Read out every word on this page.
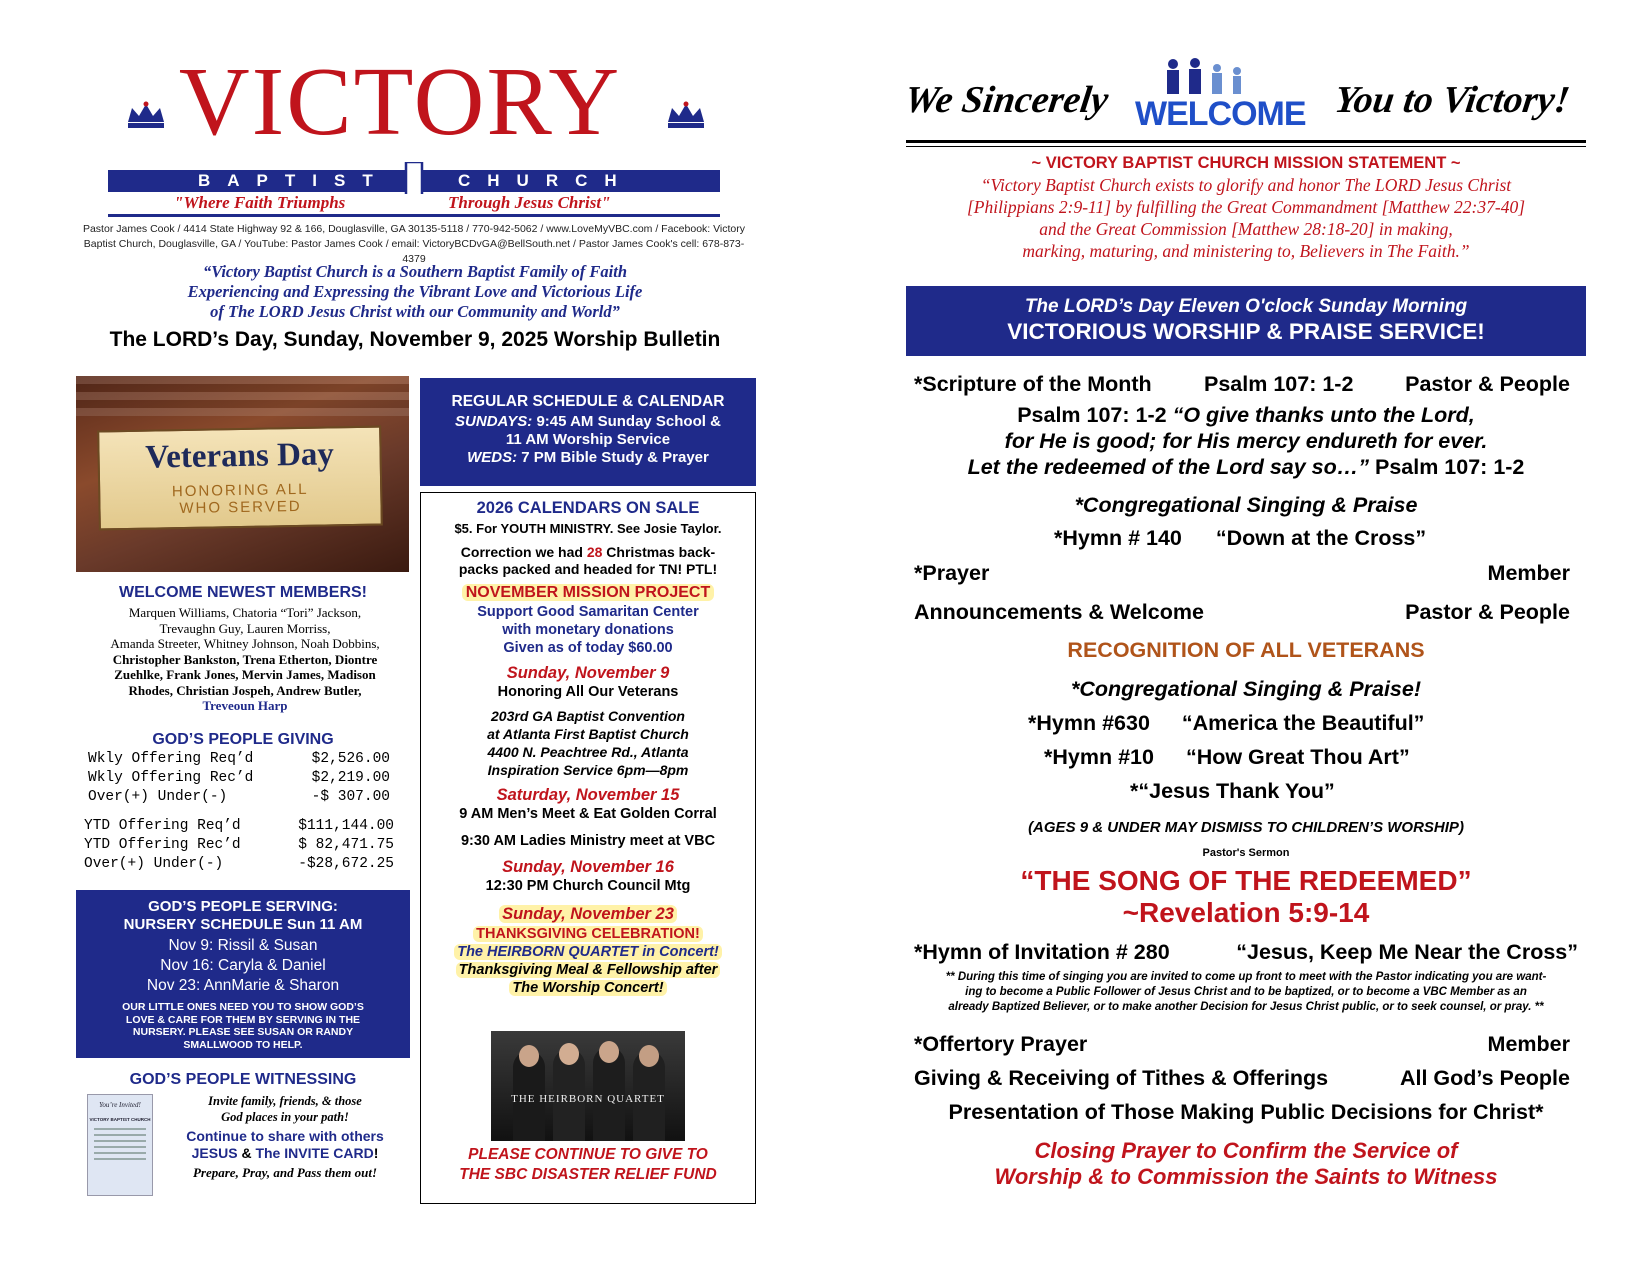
VICTORY
BAPTIST	CHURCH
"Where Faith Triumphs	Through Jesus Christ"
Pastor James Cook / 4414 State Highway 92 & 166, Douglasville, GA 30135-5118 / 770-942-5062 / www.LoveMyVBC.com / Facebook: Victory
Baptist Church, Douglasville, GA / YouTube: Pastor James Cook / email: VictoryBCDvGA@BellSouth.net / Pastor James Cook's cell: 678-873-4379
“Victory Baptist Church is a Southern Baptist Family of Faith
Experiencing and Expressing the Vibrant Love and Victorious Life
of The LORD Jesus Christ with our Community and World”
The LORD’s Day, Sunday, November 9, 2025 Worship Bulletin
Veterans Day
HONORING ALL
WHO SERVED
WELCOME NEWEST MEMBERS!
Marquen Williams, Chatoria “Tori” Jackson,
Trevaughn Guy, Lauren Morriss,
Amanda Streeter, Whitney Johnson, Noah Dobbins,
Christopher Bankston, Trena Etherton, Diontre
Zuehlke, Frank Jones, Mervin James, Madison
Rhodes, Christian Jospeh, Andrew Butler,
Treveoun Harp
GOD’S PEOPLE GIVING
Wkly Offering Req’d	$2,526.00
Wkly Offering Rec’d	$2,219.00
Over(+) Under(-)	-$ 307.00
YTD Offering Req’d	$111,144.00
YTD Offering Rec’d	$ 82,471.75
Over(+) Under(-)	-$28,672.25
GOD’S PEOPLE SERVING:
NURSERY SCHEDULE Sun 11 AM
Nov 9: Rissil & Susan
Nov 16: Caryla & Daniel
Nov 23: AnnMarie & Sharon
OUR LITTLE ONES NEED YOU TO SHOW GOD’S
LOVE & CARE FOR THEM BY SERVING IN THE
NURSERY. PLEASE SEE SUSAN OR RANDY
SMALLWOOD TO HELP.
GOD’S PEOPLE WITNESSING
You’re Invited!
VICTORY BAPTIST CHURCH
Invite family, friends, & those
God places in your path!
Continue to share with others
JESUS & The INVITE CARD!
Prepare, Pray, and Pass them out!
REGULAR SCHEDULE & CALENDAR
SUNDAYS: 9:45 AM Sunday School &
11 AM Worship Service
WEDS: 7 PM Bible Study & Prayer
2026 CALENDARS ON SALE
$5. For YOUTH MINISTRY. See Josie Taylor.
Correction we had 28 Christmas back-
packs packed and headed for TN! PTL!
NOVEMBER MISSION PROJECT
Support Good Samaritan Center
with monetary donations
Given as of today $60.00
Sunday, November 9
Honoring All Our Veterans
203rd GA Baptist Convention
at Atlanta First Baptist Church
4400 N. Peachtree Rd., Atlanta
Inspiration Service 6pm—8pm
Saturday, November 15
9 AM Men’s Meet & Eat Golden Corral
9:30 AM Ladies Ministry meet at VBC
Sunday, November 16
12:30 PM Church Council Mtg
Sunday, November 23
THANKSGIVING CELEBRATION!
The HEIRBORN QUARTET in Concert!
Thanksgiving Meal & Fellowship after
The Worship Concert!
THE HEIRBORN QUARTET
PLEASE CONTINUE TO GIVE TO
THE SBC DISASTER RELIEF FUND
We Sincerely WELCOME You to Victory!
~ VICTORY BAPTIST CHURCH MISSION STATEMENT ~
“Victory Baptist Church exists to glorify and honor The LORD Jesus Christ
[Philippians 2:9-11] by fulfilling the Great Commandment [Matthew 22:37-40]
and the Great Commission [Matthew 28:18-20] in making,
marking, maturing, and ministering to, Believers in The Faith.”
The LORD’s Day Eleven O'clock Sunday Morning
VICTORIOUS WORSHIP & PRAISE SERVICE!
*Scripture of the Month Psalm 107: 1-2 Pastor & People
Psalm 107: 1-2 “O give thanks unto the Lord,
for He is good; for His mercy endureth for ever.
Let the redeemed of the Lord say so…” Psalm 107: 1-2
*Congregational Singing & Praise
*Hymn # 140 “Down at the Cross”
*Prayer	Member
Announcements & Welcome	Pastor & People
RECOGNITION OF ALL VETERANS
*Congregational Singing & Praise!
*Hymn #630 “America the Beautiful”
*Hymn #10 “How Great Thou Art”
*“Jesus Thank You”
(AGES 9 & UNDER MAY DISMISS TO CHILDREN’S WORSHIP)
Pastor's Sermon
“THE SONG OF THE REDEEMED”
~Revelation 5:9-14
*Hymn of Invitation # 280	“Jesus, Keep Me Near the Cross”
** During this time of singing you are invited to come up front to meet with the Pastor indicating you are want-
ing to become a Public Follower of Jesus Christ and to be baptized, or to become a VBC Member as an
already Baptized Believer, or to make another Decision for Jesus Christ public, or to seek counsel, or pray. **
*Offertory Prayer	Member
Giving & Receiving of Tithes & Offerings	All God’s People
Presentation of Those Making Public Decisions for Christ*
Closing Prayer to Confirm the Service of
Worship & to Commission the Saints to Witness
